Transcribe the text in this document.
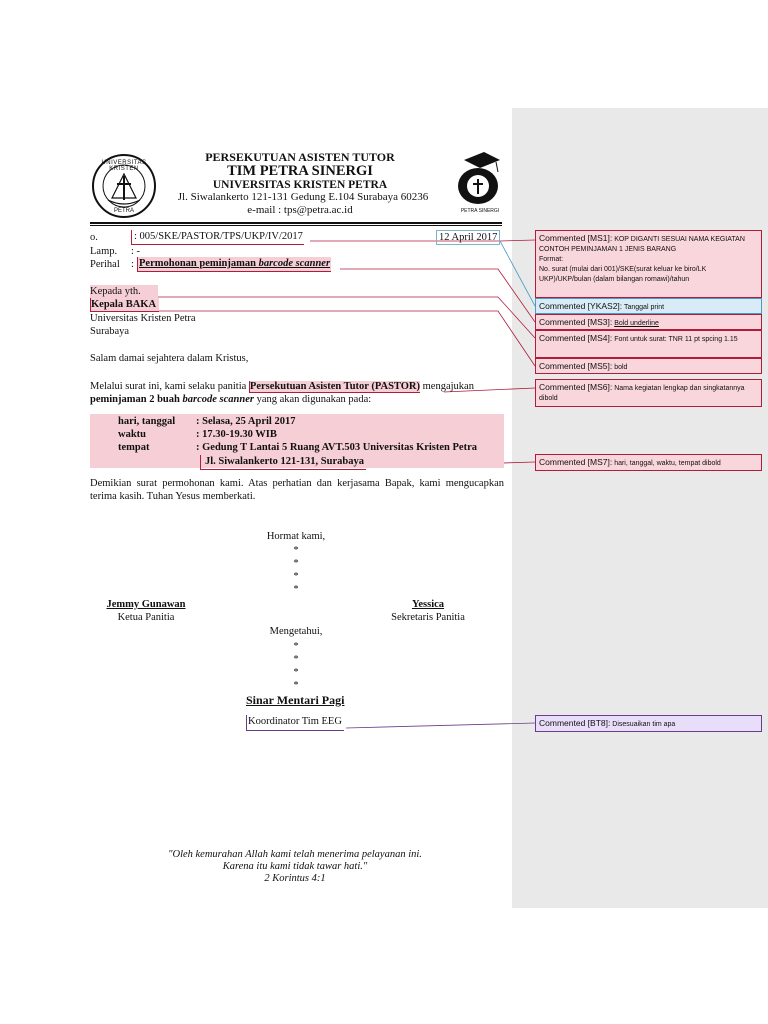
UNIVERSITAS KRISTEN
PETRA
PERSEKUTUAN ASISTEN TUTOR
TIM PETRA SINERGI
UNIVERSITAS KRISTEN PETRA
Jl. Siwalankerto 121-131 Gedung E.104 Surabaya 60236
e-mail : tps@petra.ac.id	PETRA SINERGI
o.	: 005/SKE/PASTOR/TPS/UKP/IV/2017	12 April 2017
Lamp. : -
Perihal : Permohonan peminjaman barcode scanner
Kepada yth.
Kepala BAKA
Universitas Kristen Petra
Surabaya
Salam damai sejahtera dalam Kristus,
Melalui surat ini, kami selaku panitia Persekutuan Asisten Tutor (PASTOR) mengajukan
peminjaman 2 buah barcode scanner yang akan digunakan pada:
hari, tanggal	: Selasa, 25 April 2017
waktu	: 17.30-19.30 WIB
tempat	: Gedung T Lantai 5 Ruang AVT.503 Universitas Kristen Petra
Jl. Siwalankerto 121-131, Surabaya
Demikian surat permohonan kami. Atas perhatian dan kerjasama Bapak, kami mengucapkan terima kasih. Tuhan Yesus memberkati.
Hormat kami,
*
*
*
*
Jemmy Gunawan
Ketua Panitia
Yessica
Sekretaris Panitia
Mengetahui,
*
*
*
*
Sinar Mentari Pagi
Koordinator Tim EEG
"Oleh kemurahan Allah kami telah menerima pelayanan ini.
Karena itu kami tidak tawar hati."
2 Korintus 4:1
Commented [MS1]: KOP DIGANTI SESUAI NAMA KEGIATAN
CONTOH PEMINJAMAN 1 JENIS BARANG
Format:
No. surat (mulai dari 001)/SKE(surat keluar ke biro/LK UKP)/UKP/bulan (dalam bilangan romawi)/tahun
Commented [YKAS2]: Tanggal print
Commented [MS3]: Bold underline
Commented [MS4]: Font untuk surat: TNR 11 pt spcing 1.15
Commented [MS5]: bold
Commented [MS6]: Nama kegiatan lengkap dan singkatannya dibold
Commented [MS7]: hari, tanggal, waktu, tempat dibold
Commented [BT8]: Disesuaikan tim apa
